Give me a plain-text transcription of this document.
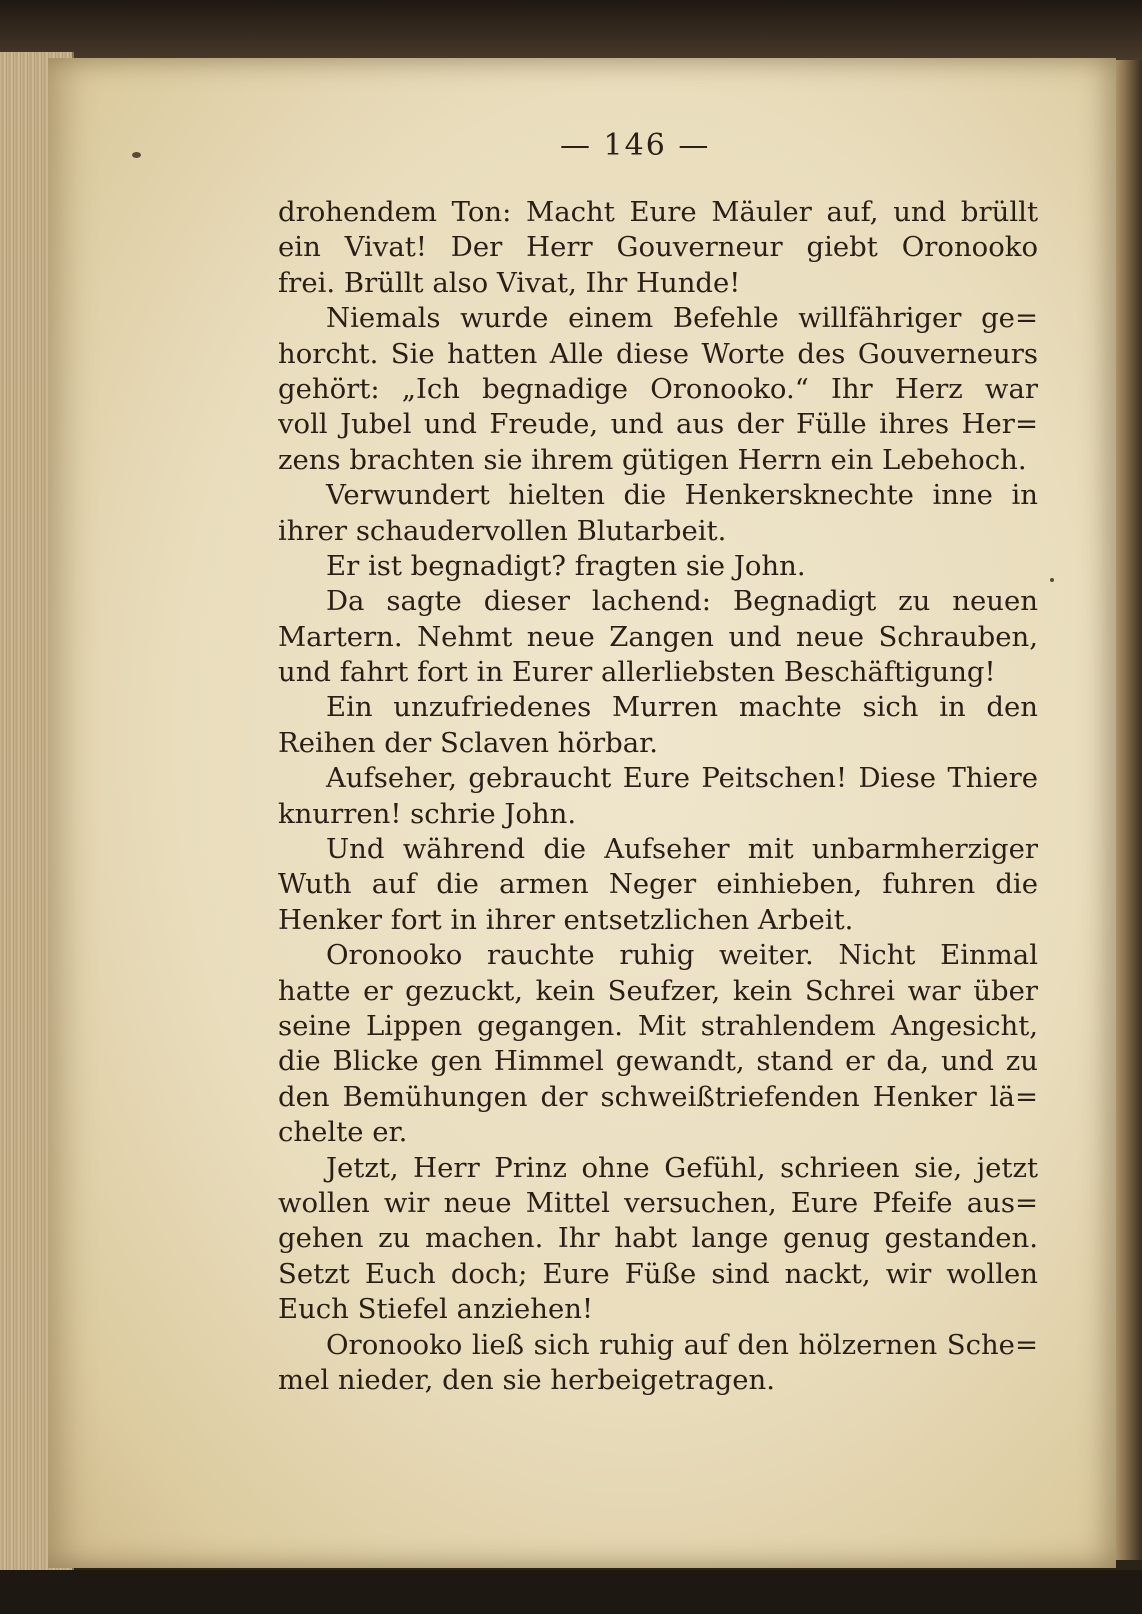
— 146 —
drohendem Ton: Macht Eure Mäuler auf, und brüllt
ein Vivat! Der Herr Gouverneur giebt Oronooko
frei. Brüllt also Vivat, Ihr Hunde!
Niemals wurde einem Befehle willfähriger ge=
horcht. Sie hatten Alle diese Worte des Gouverneurs
gehört: „Ich begnadige Oronooko.“ Ihr Herz war
voll Jubel und Freude, und aus der Fülle ihres Her=
zens brachten sie ihrem gütigen Herrn ein Lebehoch.
Verwundert hielten die Henkersknechte inne in
ihrer schaudervollen Blutarbeit.
Er ist begnadigt? fragten sie John.
Da sagte dieser lachend: Begnadigt zu neuen
Martern. Nehmt neue Zangen und neue Schrauben,
und fahrt fort in Eurer allerliebsten Beschäftigung!
Ein unzufriedenes Murren machte sich in den
Reihen der Sclaven hörbar.
Aufseher, gebraucht Eure Peitschen! Diese Thiere
knurren! schrie John.
Und während die Aufseher mit unbarmherziger
Wuth auf die armen Neger einhieben, fuhren die
Henker fort in ihrer entsetzlichen Arbeit.
Oronooko rauchte ruhig weiter. Nicht Einmal
hatte er gezuckt, kein Seufzer, kein Schrei war über
seine Lippen gegangen. Mit strahlendem Angesicht,
die Blicke gen Himmel gewandt, stand er da, und zu
den Bemühungen der schweißtriefenden Henker lä=
chelte er.
Jetzt, Herr Prinz ohne Gefühl, schrieen sie, jetzt
wollen wir neue Mittel versuchen, Eure Pfeife aus=
gehen zu machen. Ihr habt lange genug gestanden.
Setzt Euch doch; Eure Füße sind nackt, wir wollen
Euch Stiefel anziehen!
Oronooko ließ sich ruhig auf den hölzernen Sche=
mel nieder, den sie herbeigetragen.
